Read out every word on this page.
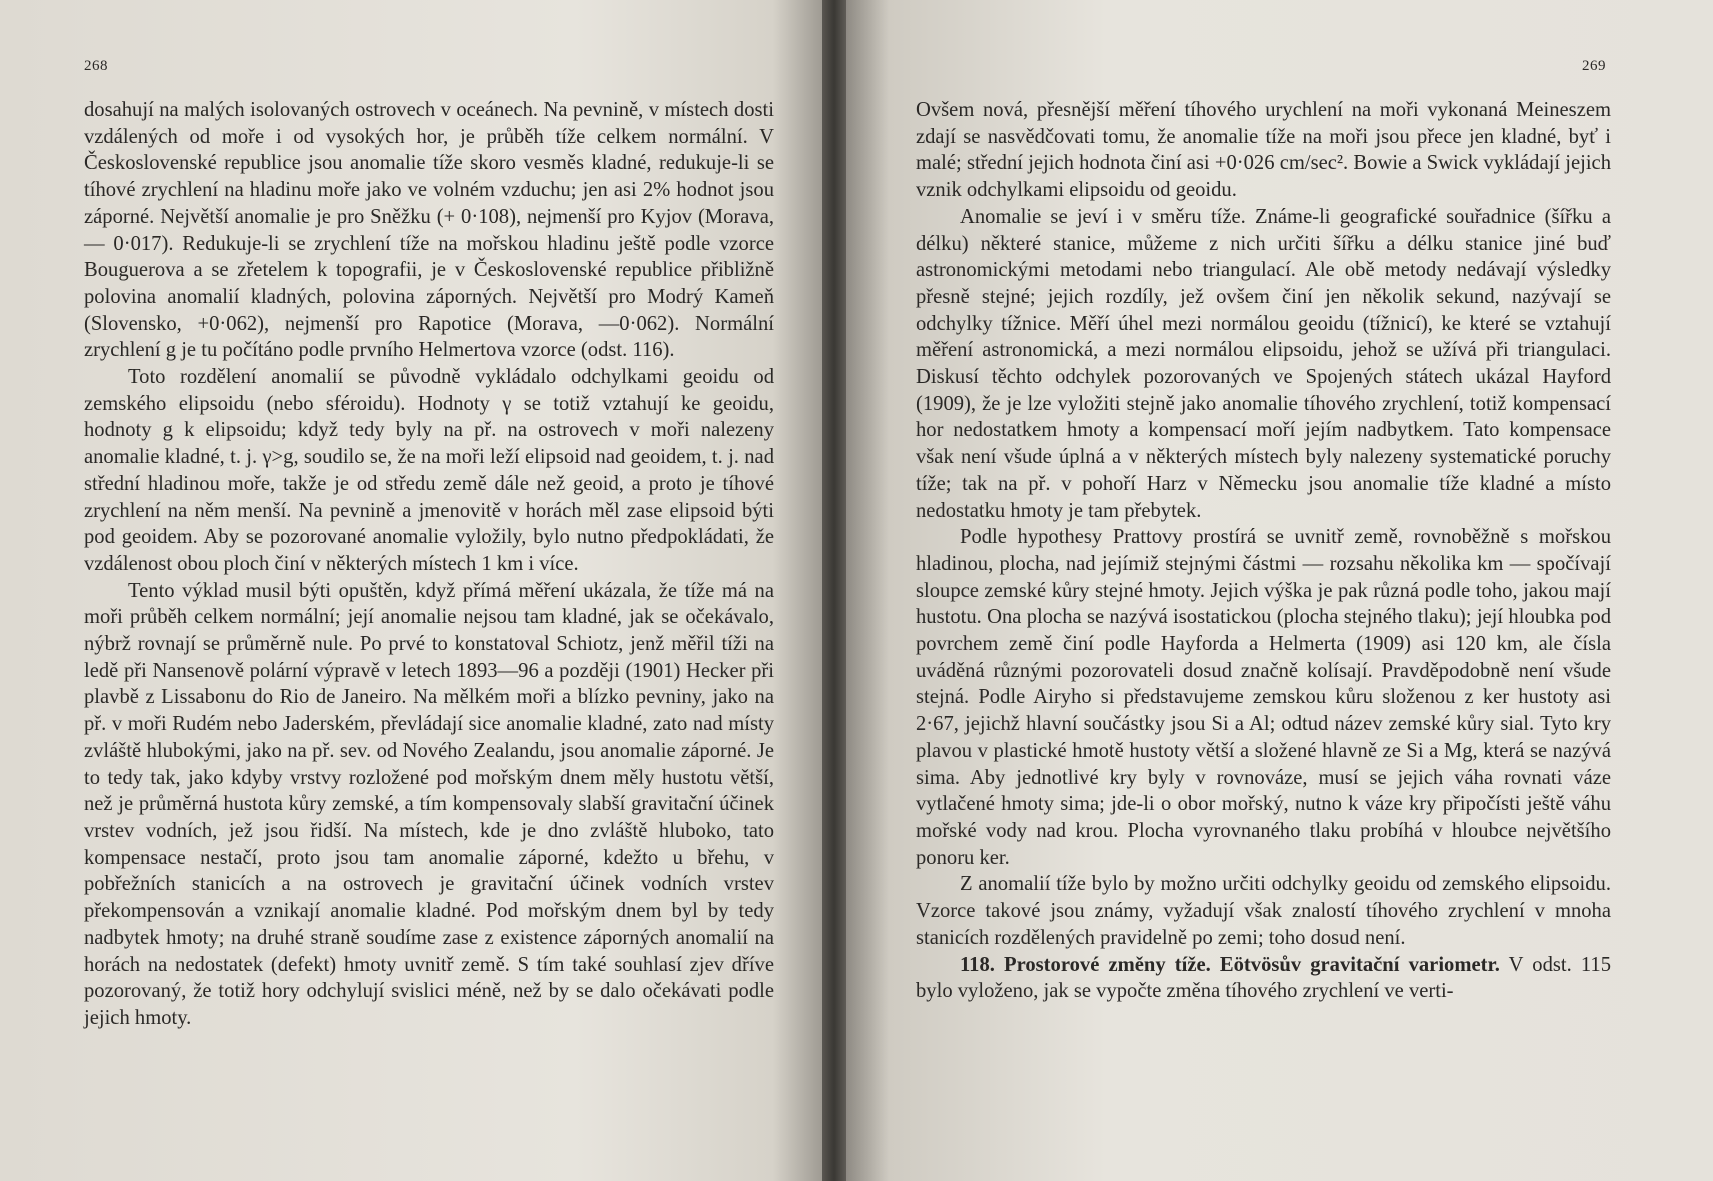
268

dosahují na malých isolovaných ostrovech v oceánech. Na pevnině, v místech dosti vzdálených od moře i od vysokých hor, je průběh tíže celkem normální. V Československé republice jsou anomalie tíže skoro vesměs kladné, redukuje-li se tíhové zrychlení na hladinu moře jako ve volném vzduchu; jen asi 2% hodnot jsou záporné. Největší anomalie je pro Sněžku (+ 0·108), nejmenší pro Kyjov (Morava, — 0·017). Redukuje-li se zrychlení tíže na mořskou hladinu ještě podle vzorce Bouguerova a se zřetelem k topografii, je v Československé republice přibližně polovina anomalií kladných, polovina záporných. Největší pro Modrý Kameň (Slovensko, +0·062), nejmenší pro Rapotice (Morava, —0·062). Normální zrychlení g je tu počítáno podle prvního Helmertova vzorce (odst. 116).

Toto rozdělení anomalií se původně vykládalo odchylkami geoidu od zemského elipsoidu (nebo sféroidu). Hodnoty γ se totiž vztahují ke geoidu, hodnoty g k elipsoidu; když tedy byly na př. na ostrovech v moři nalezeny anomalie kladné, t. j. γ>g, soudilo se, že na moři leží elipsoid nad geoidem, t. j. nad střední hladinou moře, takže je od středu země dále než geoid, a proto je tíhové zrychlení na něm menší. Na pevnině a jmenovitě v horách měl zase elipsoid býti pod geoidem. Aby se pozorované anomalie vyložily, bylo nutno předpokládati, že vzdálenost obou ploch činí v některých místech 1 km i více.

Tento výklad musil býti opuštěn, když přímá měření ukázala, že tíže má na moři průběh celkem normální; její anomalie nejsou tam kladné, jak se očekávalo, nýbrž rovnají se průměrně nule. Po prvé to konstatoval Schiotz, jenž měřil tíži na ledě při Nansenově polární výpravě v letech 1893—96 a později (1901) Hecker při plavbě z Lissabonu do Rio de Janeiro. Na mělkém moři a blízko pevniny, jako na př. v moři Rudém nebo Jaderském, převládají sice anomalie kladné, zato nad místy zvláště hlubokými, jako na př. sev. od Nového Zealandu, jsou anomalie záporné. Je to tedy tak, jako kdyby vrstvy rozložené pod mořským dnem měly hustotu větší, než je průměrná hustota kůry zemské, a tím kompensovaly slabší gravitační účinek vrstev vodních, jež jsou řidší. Na místech, kde je dno zvláště hluboko, tato kompensace nestačí, proto jsou tam anomalie záporné, kdežto u břehu, v pobřežních stanicích a na ostrovech je gravitační účinek vodních vrstev překompensován a vznikají anomalie kladné. Pod mořským dnem byl by tedy nadbytek hmoty; na druhé straně soudíme zase z existence záporných anomalií na horách na nedostatek (defekt) hmoty uvnitř země. S tím také souhlasí zjev dříve pozorovaný, že totiž hory odchylují svislici méně, než by se dalo očekávati podle jejich hmoty.

269

Ovšem nová, přesnější měření tíhového urychlení na moři vykonaná Meineszem zdají se nasvědčovati tomu, že anomalie tíže na moři jsou přece jen kladné, byť i malé; střední jejich hodnota činí asi +0·026 cm/sec². Bowie a Swick vykládají jejich vznik odchylkami elipsoidu od geoidu.

Anomalie se jeví i v směru tíže. Známe-li geografické souřadnice (šířku a délku) některé stanice, můžeme z nich určiti šířku a délku stanice jiné buď astronomickými metodami nebo triangulací. Ale obě metody nedávají výsledky přesně stejné; jejich rozdíly, jež ovšem činí jen několik sekund, nazývají se odchylky tížnice. Měří úhel mezi normálou geoidu (tížnicí), ke které se vztahují měření astronomická, a mezi normálou elipsoidu, jehož se užívá při triangulaci. Diskusí těchto odchylek pozorovaných ve Spojených státech ukázal Hayford (1909), že je lze vyložiti stejně jako anomalie tíhového zrychlení, totiž kompensací hor nedostatkem hmoty a kompensací moří jejím nadbytkem. Tato kompensace však není všude úplná a v některých místech byly nalezeny systematické poruchy tíže; tak na př. v pohoří Harz v Německu jsou anomalie tíže kladné a místo nedostatku hmoty je tam přebytek.

Podle hypothesy Prattovy prostírá se uvnitř země, rovnoběžně s mořskou hladinou, plocha, nad jejímiž stejnými částmi — rozsahu několika km — spočívají sloupce zemské kůry stejné hmoty. Jejich výška je pak různá podle toho, jakou mají hustotu. Ona plocha se nazývá isostatickou (plocha stejného tlaku); její hloubka pod povrchem země činí podle Hayforda a Helmerta (1909) asi 120 km, ale čísla uváděná různými pozorovateli dosud značně kolísají. Pravděpodobně není všude stejná. Podle Airyho si představujeme zemskou kůru složenou z ker hustoty asi 2·67, jejichž hlavní součástky jsou Si a Al; odtud název zemské kůry sial. Tyto kry plavou v plastické hmotě hustoty větší a složené hlavně ze Si a Mg, která se nazývá sima. Aby jednotlivé kry byly v rovnováze, musí se jejich váha rovnati váze vytlačené hmoty sima; jde-li o obor mořský, nutno k váze kry připočísti ještě váhu mořské vody nad krou. Plocha vyrovnaného tlaku probíhá v hloubce největšího ponoru ker.

Z anomalií tíže bylo by možno určiti odchylky geoidu od zemského elipsoidu. Vzorce takové jsou známy, vyžadují však znalostí tíhového zrychlení v mnoha stanicích rozdělených pravidelně po zemi; toho dosud není.

118. Prostorové změny tíže. Eötvösův gravitační variometr. V odst. 115 bylo vyloženo, jak se vypočte změna tíhového zrychlení ve verti-
